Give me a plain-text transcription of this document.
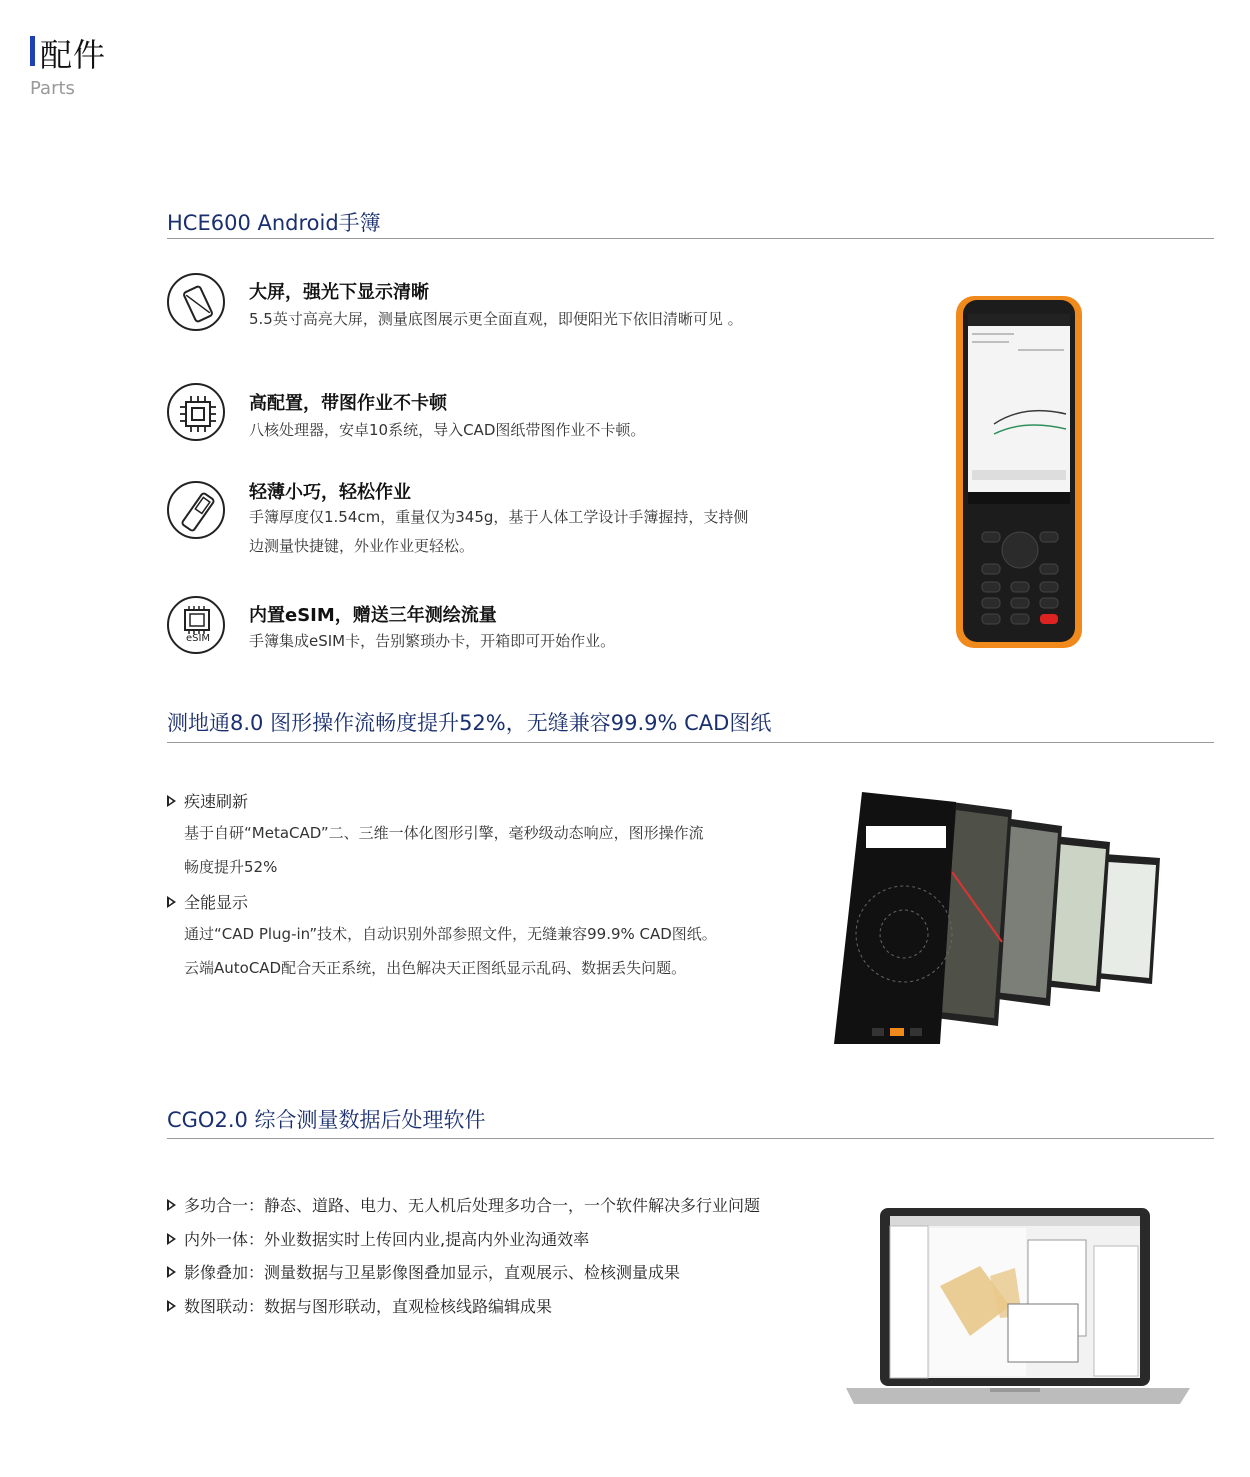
配件
Parts
HCE600 Android手簿
大屏，强光下显示清晰
5.5英寸高亮大屏，测量底图展示更全面直观，即便阳光下依旧清晰可见 。
高配置，带图作业不卡顿
八核处理器，安卓10系统，导入CAD图纸带图作业不卡顿。
轻薄小巧，轻松作业
手簿厚度仅1.54cm，重量仅为345g，基于人体工学设计手簿握持，支持侧边测量快捷键，外业作业更轻松。
eSIM
内置eSIM，赠送三年测绘流量
手簿集成eSIM卡，告别繁琐办卡，开箱即可开始作业。
测地通8.0 图形操作流畅度提升52%，无缝兼容99.9% CAD图纸
疾速刷新
基于自研“MetaCAD”二、三维一体化图形引擎，毫秒级动态响应，图形操作流
畅度提升52%
全能显示
通过“CAD Plug-in”技术，自动识别外部参照文件，无缝兼容99.9% CAD图纸。
云端AutoCAD配合天正系统，出色解决天正图纸显示乱码、数据丢失问题。
CGO2.0 综合测量数据后处理软件
多功合一：静态、道路、电力、无人机后处理多功合一，一个软件解决多行业问题
内外一体：外业数据实时上传回内业,提高内外业沟通效率
影像叠加：测量数据与卫星影像图叠加显示，直观展示、检核测量成果
数图联动：数据与图形联动，直观检核线路编辑成果
